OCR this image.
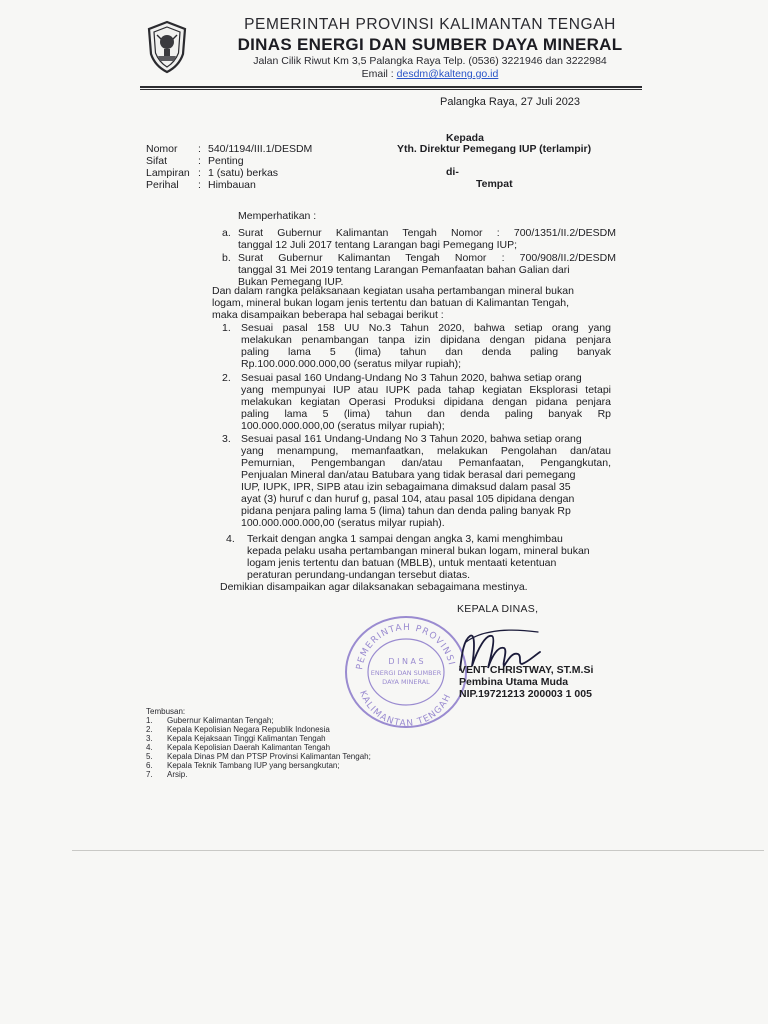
PEMERINTAH PROVINSI KALIMANTAN TENGAH
DINAS ENERGI DAN SUMBER DAYA MINERAL
Jalan Cilik Riwut Km 3,5 Palangka Raya Telp. (0536) 3221946 dan 3222984
Email : desdm@kalteng.go.id
Palangka Raya, 27 Juli 2023
Kepada
Yth. Direktur Pemegang IUP (terlampir)
di-
Tempat
Nomor : 540/1194/III.1/DESDM
Sifat	: Penting
Lampiran : 1 (satu) berkas
Perihal : Himbauan
Memperhatikan :
a. Surat Gubernur Kalimantan Tengah Nomor : 700/1351/II.2/DESDM
tanggal 12 Juli 2017 tentang Larangan bagi Pemegang IUP;
b. Surat Gubernur Kalimantan Tengah Nomor : 700/908/II.2/DESDM
tanggal 31 Mei 2019 tentang Larangan Pemanfaatan bahan Galian dari
Bukan Pemegang IUP.
Dan dalam rangka pelaksanaan kegiatan usaha pertambangan mineral bukan
logam, mineral bukan logam jenis tertentu dan batuan di Kalimantan Tengah,
maka disampaikan beberapa hal sebagai berikut :
1. Sesuai pasal 158 UU No.3 Tahun 2020, bahwa setiap orang yang
melakukan penambangan tanpa izin dipidana dengan pidana penjara
paling lama 5 (lima) tahun dan denda paling banyak
Rp.100.000.000.000,00 (seratus milyar rupiah);
2. Sesuai pasal 160 Undang-Undang No 3 Tahun 2020, bahwa setiap orang
yang mempunyai IUP atau IUPK pada tahap kegiatan Eksplorasi tetapi
melakukan kegiatan Operasi Produksi dipidana dengan pidana penjara
paling lama 5 (lima) tahun dan denda paling banyak Rp
100.000.000.000,00 (seratus milyar rupiah);
3. Sesuai pasal 161 Undang-Undang No 3 Tahun 2020, bahwa setiap orang
yang menampung, memanfaatkan, melakukan Pengolahan dan/atau
Pemurnian, Pengembangan dan/atau Pemanfaatan, Pengangkutan,
Penjualan Mineral dan/atau Batubara yang tidak berasal dari pemegang
IUP, IUPK, IPR, SIPB atau izin sebagaimana dimaksud dalam pasal 35
ayat (3) huruf c dan huruf g, pasal 104, atau pasal 105 dipidana dengan
pidana penjara paling lama 5 (lima) tahun dan denda paling banyak Rp
100.000.000.000,00 (seratus milyar rupiah).
4. Terkait dengan angka 1 sampai dengan angka 3, kami menghimbau
kepada pelaku usaha pertambangan mineral bukan logam, mineral bukan
logam jenis tertentu dan batuan (MBLB), untuk mentaati ketentuan
peraturan perundang-undangan tersebut diatas.
Demikian disampaikan agar dilaksanakan sebagaimana mestinya.
KEPALA DINAS,
PEMERINTAH PROVINSI
KALIMANTAN TENGAH
D I N A S
ENERGI DAN SUMBER
DAYA MINERAL
VENT CHRISTWAY, ST.M.Si
Pembina Utama Muda
NIP.19721213 200003 1 005
Tembusan:
1. Gubernur Kalimantan Tengah;
2. Kepala Kepolisian Negara Republik Indonesia
3. Kepala Kejaksaan Tinggi Kalimantan Tengah
4. Kepala Kepolisian Daerah Kalimantan Tengah
5. Kepala Dinas PM dan PTSP Provinsi Kalimantan Tengah;
6. Kepala Teknik Tambang IUP yang bersangkutan;
7. Arsip.
